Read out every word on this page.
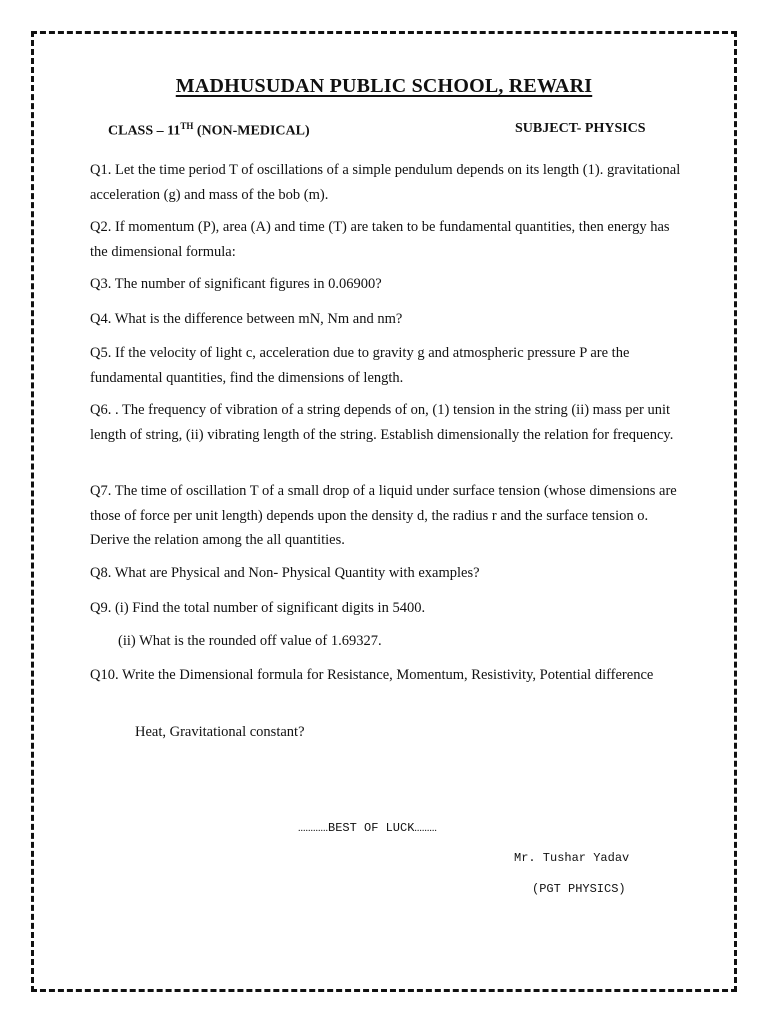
MADHUSUDAN PUBLIC SCHOOL, REWARI
CLASS – 11TH (NON-MEDICAL)	SUBJECT- PHYSICS
Q1. Let the time period T of oscillations of a simple pendulum depends on its length (1). gravitational acceleration (g) and mass of the bob (m).
Q2. If momentum (P), area (A) and time (T) are taken to be fundamental quantities, then energy has the dimensional formula:
Q3. The number of significant figures in 0.06900?
Q4. What is the difference between mN, Nm and nm?
Q5. If the velocity of light c, acceleration due to gravity g and atmospheric pressure P are the fundamental quantities, find the dimensions of length.
Q6. . The frequency of vibration of a string depends of on, (1) tension in the string (ii) mass per unit length of string, (ii) vibrating length of the string. Establish dimensionally the relation for frequency.
Q7. The time of oscillation T of a small drop of a liquid under surface tension (whose dimensions are those of force per unit length) depends upon the density d, the radius r and the surface tension o. Derive the relation among the all quantities.
Q8. What are Physical and Non- Physical Quantity with examples?
Q9. (i) Find the total number of significant digits in 5400.
(ii) What is the rounded off value of 1.69327.
Q10. Write the Dimensional formula for Resistance, Momentum, Resistivity, Potential difference
Heat, Gravitational constant?
............BEST OF LUCK.........
Mr. Tushar Yadav
(PGT PHYSICS)
